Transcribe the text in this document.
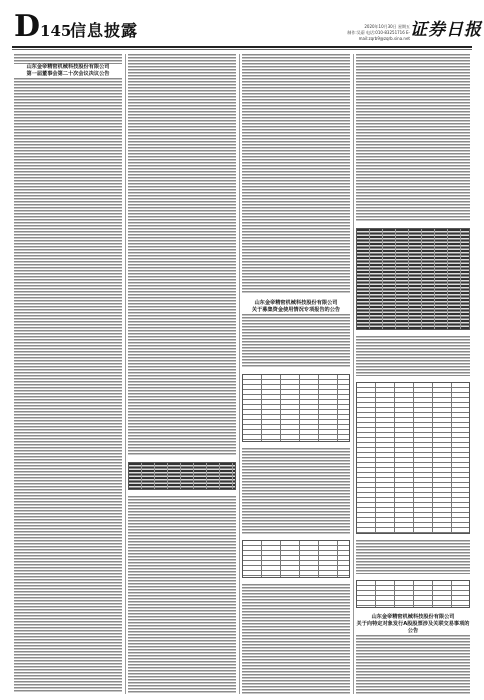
D145
信息披露	2020年10月30日 星期五
制作:吴蔚 电话:010-83251716 E-mail:zqrb9@zqrb.sina.net 证券日报
山东金帝精密机械科技股份有限公司
第一届董事会第二十次会议决议公告
山东金帝精密机械科技股份有限公司
关于募集资金使用情况专项报告的公告
山东金帝精密机械科技股份有限公司
关于向特定对象发行A股股票涉及关联交易事项的公告
